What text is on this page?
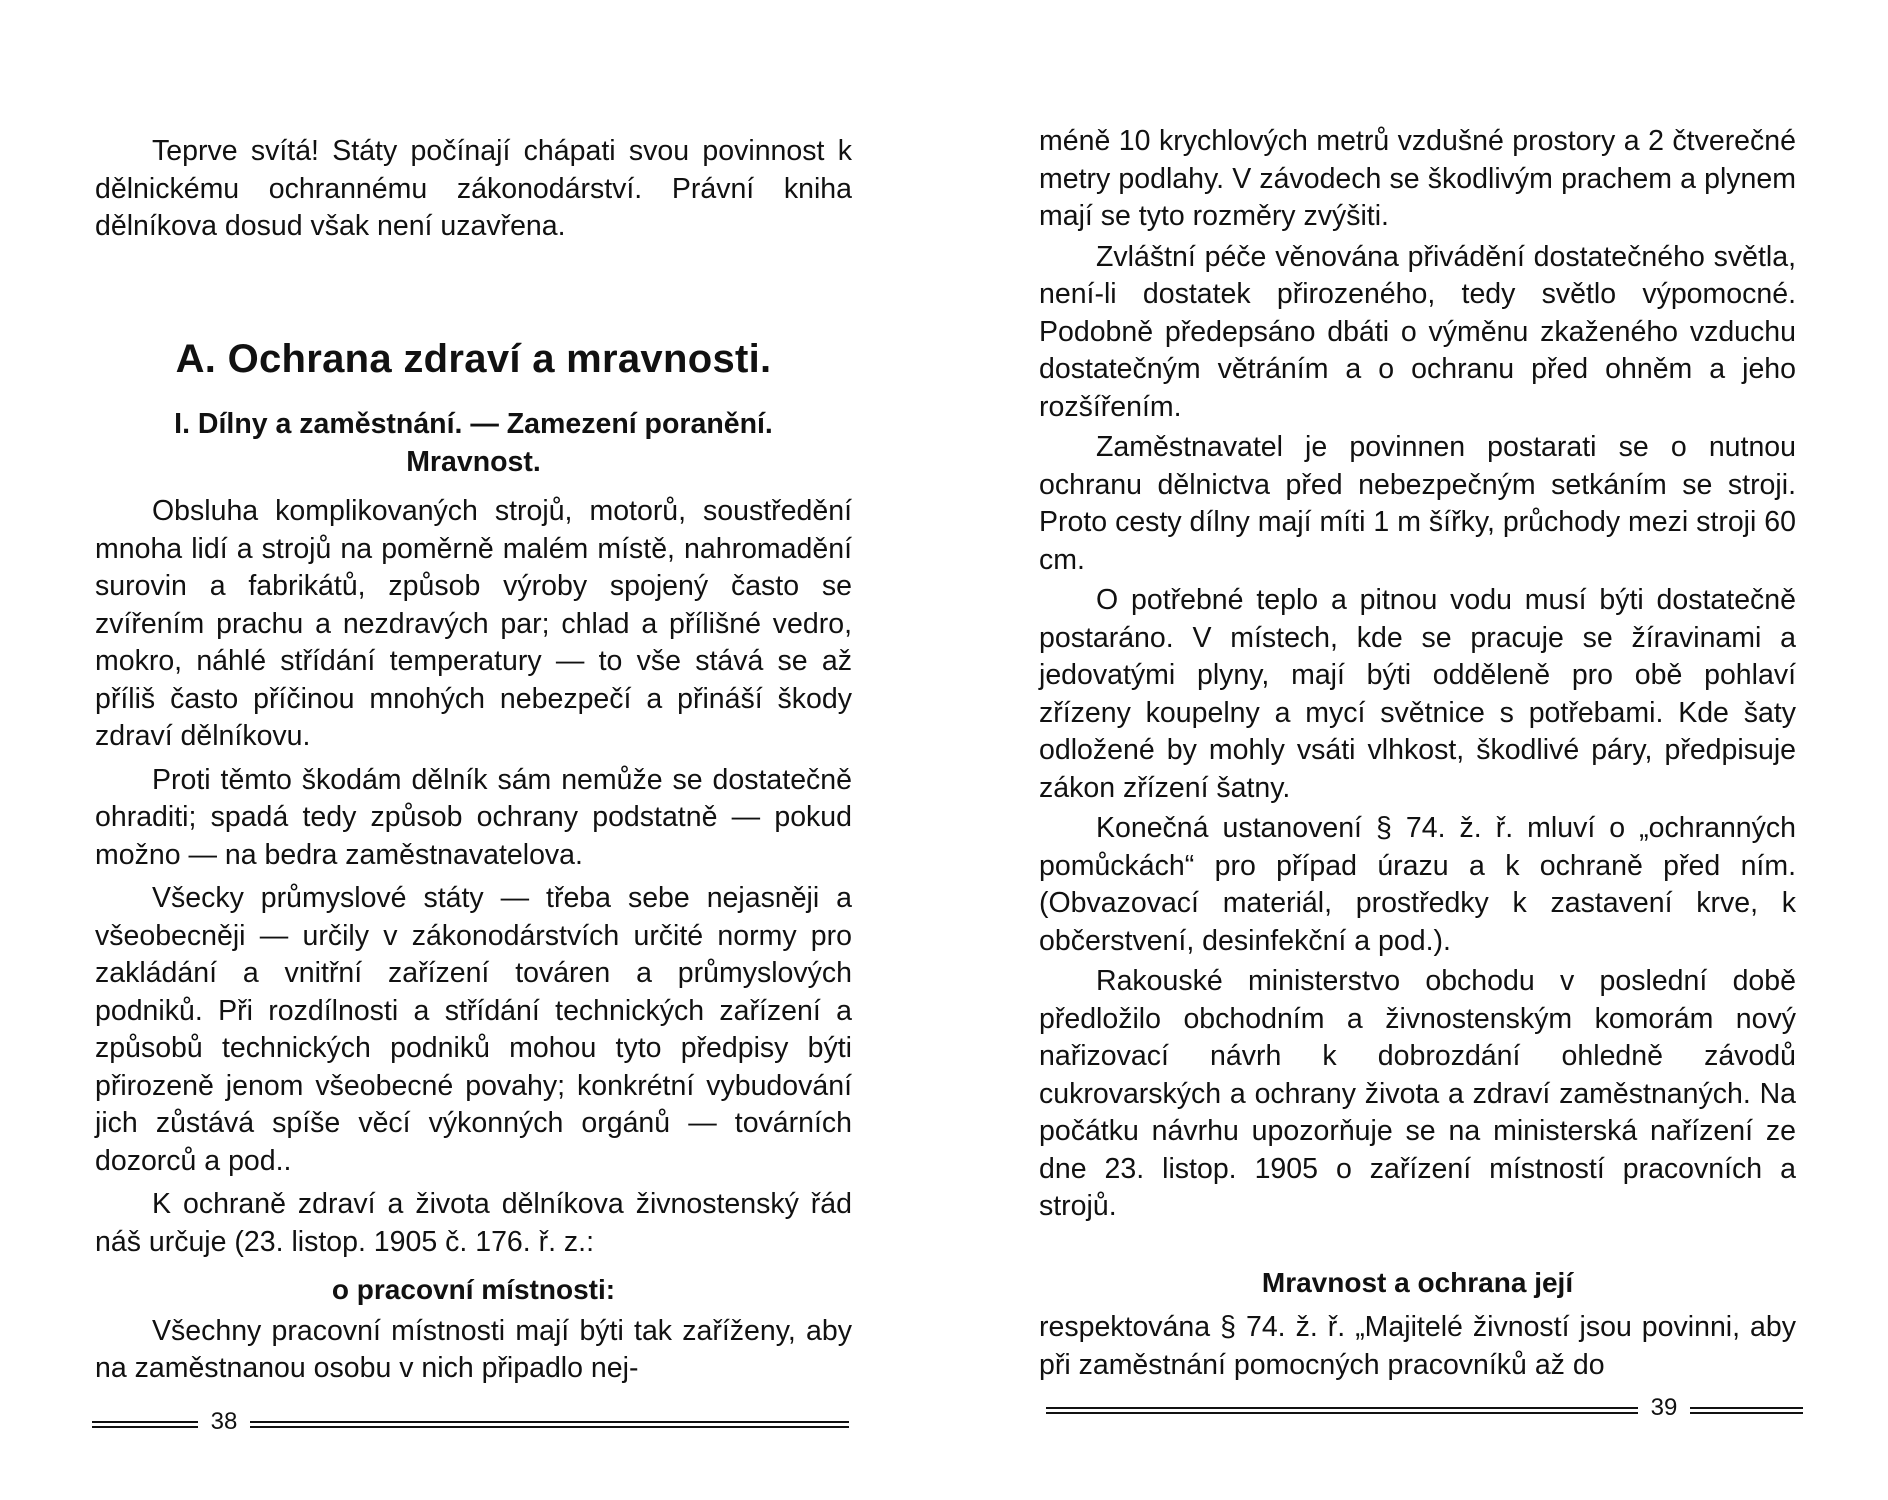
Teprve svítá! Státy počínají chápati svou povinnost k dělnickému ochrannému zákonodárství. Právní kniha dělníkova dosud však není uzavřena.

A. Ochrana zdraví a mravnosti.

I. Dílny a zaměstnání. — Zamezení poranění.

Mravnost.

Obsluha komplikovaných strojů, motorů, soustředění mnoha lidí a strojů na poměrně malém místě, nahromadění surovin a fabrikátů, způsob výroby spojený často se zvířením prachu a nezdravých par; chlad a přílišné vedro, mokro, náhlé střídání temperatury — to vše stává se až příliš často příčinou mnohých nebezpečí a přináší škody zdraví dělníkovu.

Proti těmto škodám dělník sám nemůže se dostatečně ohraditi; spadá tedy způsob ochrany podstatně — pokud možno — na bedra zaměstnavatelova.

Všecky průmyslové státy — třeba sebe nejasněji a všeobecněji — určily v zákonodárstvích určité normy pro zakládání a vnitřní zařízení továren a průmyslových podniků. Při rozdílnosti a střídání technických zařízení a způsobů technických podniků mohou tyto předpisy býti přirozeně jenom všeobecné povahy; konkrétní vybudování jich zůstává spíše věcí výkonných orgánů — továrních dozorců a pod..

K ochraně zdraví a života dělníkova živnostenský řád náš určuje (23. listop. 1905 č. 176. ř. z.:

o pracovní místnosti:

Všechny pracovní místnosti mají býti tak zaříženy, aby na zaměstnanou osobu v nich připadlo nej-

38

méně 10 krychlových metrů vzdušné prostory a 2 čtverečné metry podlahy. V závodech se škodlivým prachem a plynem mají se tyto rozměry zvýšiti.

Zvláštní péče věnována přivádění dostatečného světla, není-li dostatek přirozeného, tedy světlo výpomocné. Podobně předepsáno dbáti o výměnu zkaženého vzduchu dostatečným větráním a o ochranu před ohněm a jeho rozšířením.

Zaměstnavatel je povinnen postarati se o nutnou ochranu dělnictva před nebezpečným setkáním se stroji. Proto cesty dílny mají míti 1 m šířky, průchody mezi stroji 60 cm.

O potřebné teplo a pitnou vodu musí býti dostatečně postaráno. V místech, kde se pracuje se žíravinami a jedovatými plyny, mají býti odděleně pro obě pohlaví zřízeny koupelny a mycí světnice s potřebami. Kde šaty odložené by mohly vsáti vlhkost, škodlivé páry, předpisuje zákon zřízení šatny.

Konečná ustanovení § 74. ž. ř. mluví o „ochranných pomůckách“ pro případ úrazu a k ochraně před ním. (Obvazovací materiál, prostředky k zastavení krve, k občerstvení, desinfekční a pod.).

Rakouské ministerstvo obchodu v poslední době předložilo obchodním a živnostenským komorám nový nařizovací návrh k dobrozdání ohledně závodů cukrovarských a ochrany života a zdraví zaměstnaných. Na počátku návrhu upozorňuje se na ministerská nařízení ze dne 23. listop. 1905 o zařízení místností pracovních a strojů.

Mravnost a ochrana její

respektována § 74. ž. ř. „Majitelé živností jsou povinni, aby při zaměstnání pomocných pracovníků až do

39
